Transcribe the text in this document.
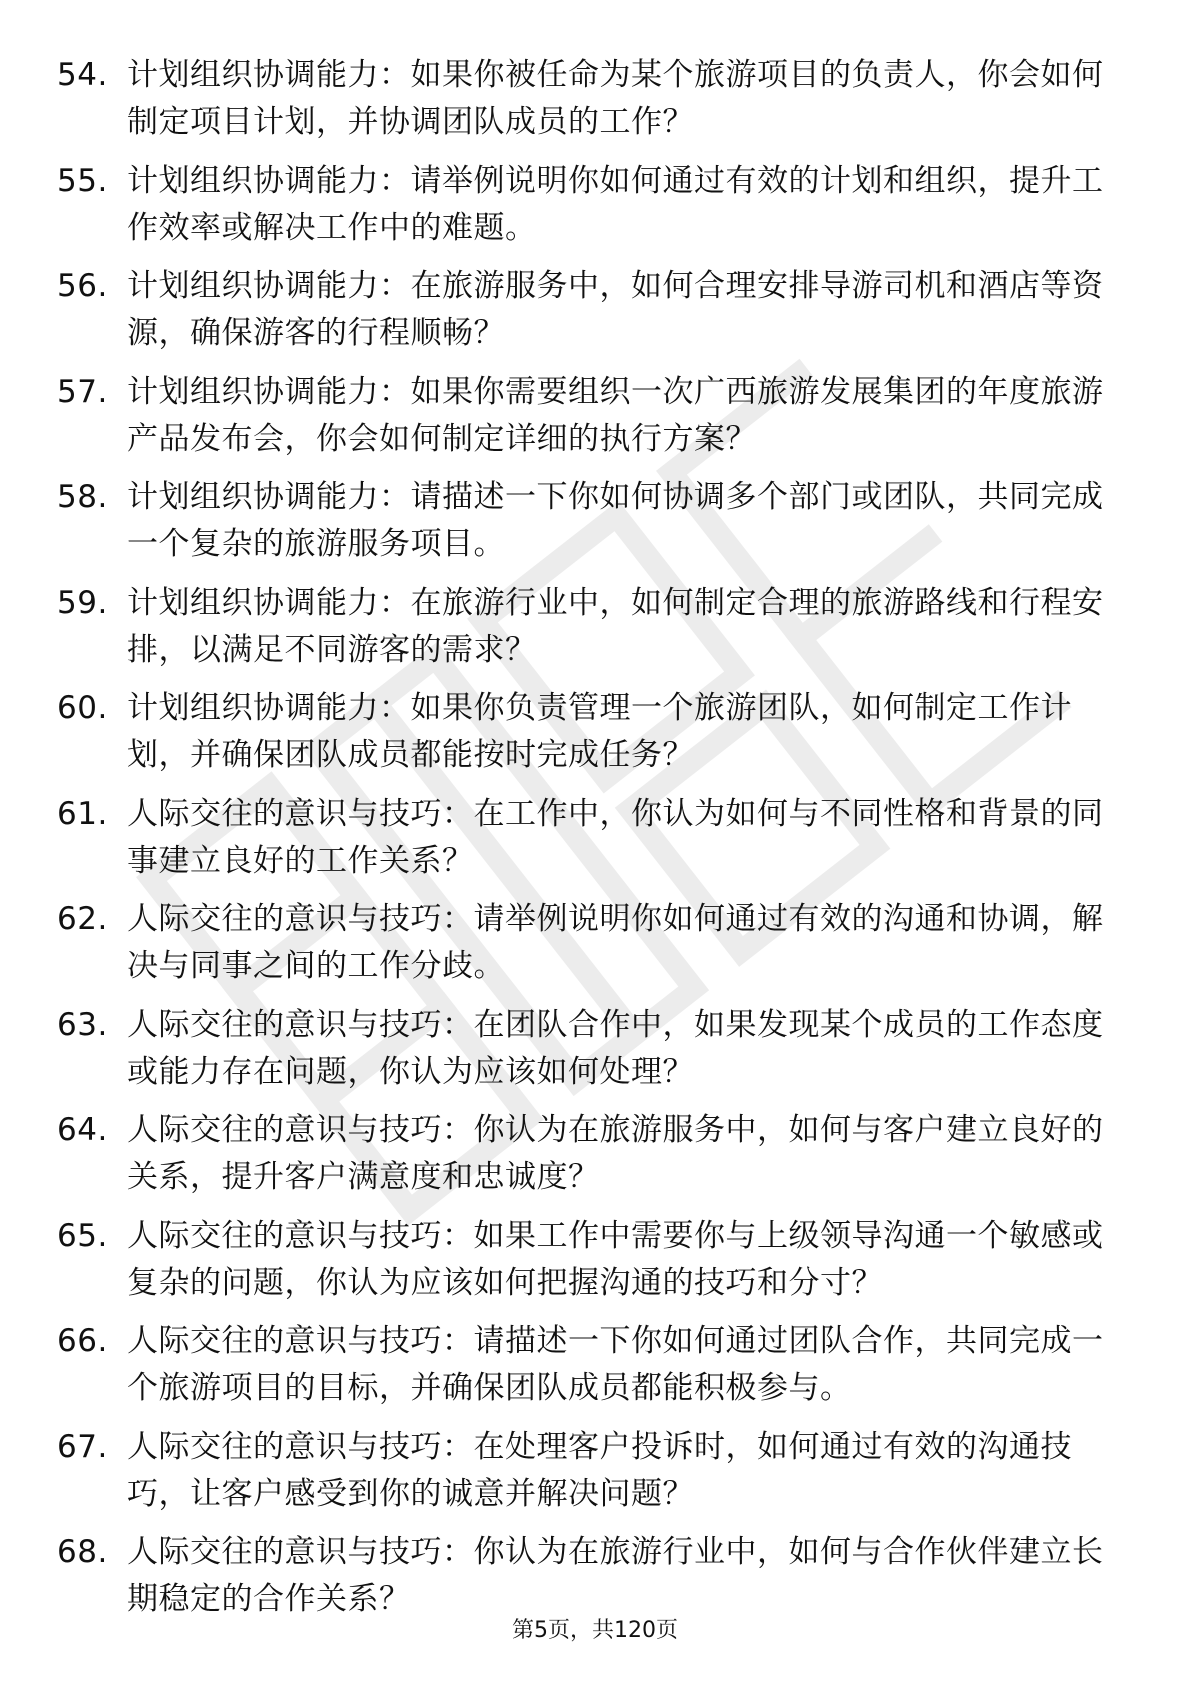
54. 计划组织协调能力：如果你被任命为某个旅游项目的负责人，你会如何制定项目计划，并协调团队成员的工作？
55. 计划组织协调能力：请举例说明你如何通过有效的计划和组织，提升工作效率或解决工作中的难题。
56. 计划组织协调能力：在旅游服务中，如何合理安排导游司机和酒店等资源，确保游客的行程顺畅？
57. 计划组织协调能力：如果你需要组织一次广西旅游发展集团的年度旅游产品发布会，你会如何制定详细的执行方案？
58. 计划组织协调能力：请描述一下你如何协调多个部门或团队，共同完成一个复杂的旅游服务项目。
59. 计划组织协调能力：在旅游行业中，如何制定合理的旅游路线和行程安排，以满足不同游客的需求？
60. 计划组织协调能力：如果你负责管理一个旅游团队，如何制定工作计划，并确保团队成员都能按时完成任务？
61. 人际交往的意识与技巧：在工作中，你认为如何与不同性格和背景的同事建立良好的工作关系？
62. 人际交往的意识与技巧：请举例说明你如何通过有效的沟通和协调，解决与同事之间的工作分歧。
63. 人际交往的意识与技巧：在团队合作中，如果发现某个成员的工作态度或能力存在问题，你认为应该如何处理？
64. 人际交往的意识与技巧：你认为在旅游服务中，如何与客户建立良好的关系，提升客户满意度和忠诚度？
65. 人际交往的意识与技巧：如果工作中需要你与上级领导沟通一个敏感或复杂的问题，你认为应该如何把握沟通的技巧和分寸？
66. 人际交往的意识与技巧：请描述一下你如何通过团队合作，共同完成一个旅游项目的目标，并确保团队成员都能积极参与。
67. 人际交往的意识与技巧：在处理客户投诉时，如何通过有效的沟通技巧，让客户感受到你的诚意并解决问题？
68. 人际交往的意识与技巧：你认为在旅游行业中，如何与合作伙伴建立长期稳定的合作关系？
第5页，共120页
